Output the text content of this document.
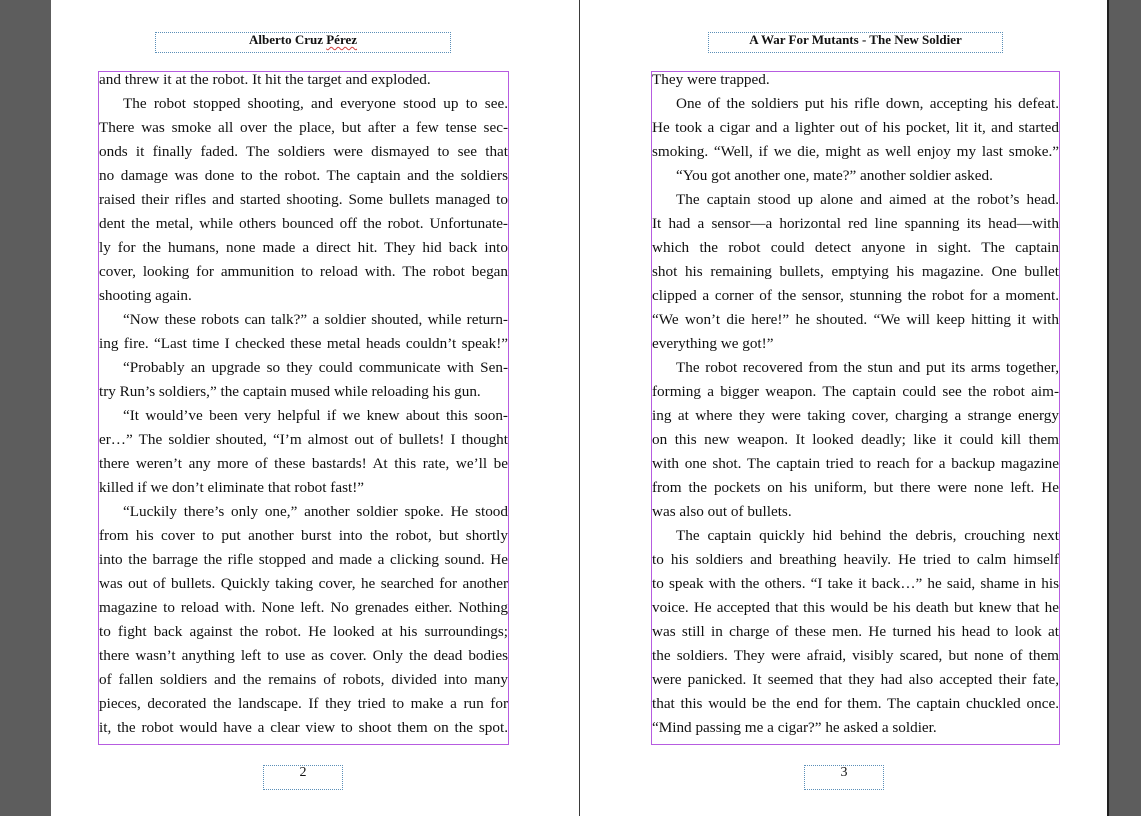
Alberto Cruz Pérez
and threw it at the robot. It hit the target and exploded.
The robot stopped shooting, and everyone stood up to see.
There was smoke all over the place, but after a few tense sec-
onds it finally faded. The soldiers were dismayed to see that
no damage was done to the robot. The captain and the soldiers
raised their rifles and started shooting. Some bullets managed to
dent the metal, while others bounced off the robot. Unfortunate-
ly for the humans, none made a direct hit. They hid back into
cover, looking for ammunition to reload with. The robot began
shooting again.
“Now these robots can talk?” a soldier shouted, while return-
ing fire. “Last time I checked these metal heads couldn’t speak!”
“Probably an upgrade so they could communicate with Sen-
try Run’s soldiers,” the captain mused while reloading his gun.
“It would’ve been very helpful if we knew about this soon-
er…” The soldier shouted, “I’m almost out of bullets! I thought
there weren’t any more of these bastards! At this rate, we’ll be
killed if we don’t eliminate that robot fast!”
“Luckily there’s only one,” another soldier spoke. He stood
from his cover to put another burst into the robot, but shortly
into the barrage the rifle stopped and made a clicking sound. He
was out of bullets. Quickly taking cover, he searched for another
magazine to reload with. None left. No grenades either. Nothing
to fight back against the robot. He looked at his surroundings;
there wasn’t anything left to use as cover. Only the dead bodies
of fallen soldiers and the remains of robots, divided into many
pieces, decorated the landscape. If they tried to make a run for
it, the robot would have a clear view to shoot them on the spot.
2
A War For Mutants - The New Soldier
They were trapped.
One of the soldiers put his rifle down, accepting his defeat.
He took a cigar and a lighter out of his pocket, lit it, and started
smoking. “Well, if we die, might as well enjoy my last smoke.”
“You got another one, mate?” another soldier asked.
The captain stood up alone and aimed at the robot’s head.
It had a sensor—a horizontal red line spanning its head—with
which the robot could detect anyone in sight. The captain
shot his remaining bullets, emptying his magazine. One bullet
clipped a corner of the sensor, stunning the robot for a moment.
“We won’t die here!” he shouted. “We will keep hitting it with
everything we got!”
The robot recovered from the stun and put its arms together,
forming a bigger weapon. The captain could see the robot aim-
ing at where they were taking cover, charging a strange energy
on this new weapon. It looked deadly; like it could kill them
with one shot. The captain tried to reach for a backup magazine
from the pockets on his uniform, but there were none left. He
was also out of bullets.
The captain quickly hid behind the debris, crouching next
to his soldiers and breathing heavily. He tried to calm himself
to speak with the others. “I take it back…” he said, shame in his
voice. He accepted that this would be his death but knew that he
was still in charge of these men. He turned his head to look at
the soldiers. They were afraid, visibly scared, but none of them
were panicked. It seemed that they had also accepted their fate,
that this would be the end for them. The captain chuckled once.
“Mind passing me a cigar?” he asked a soldier.
3
